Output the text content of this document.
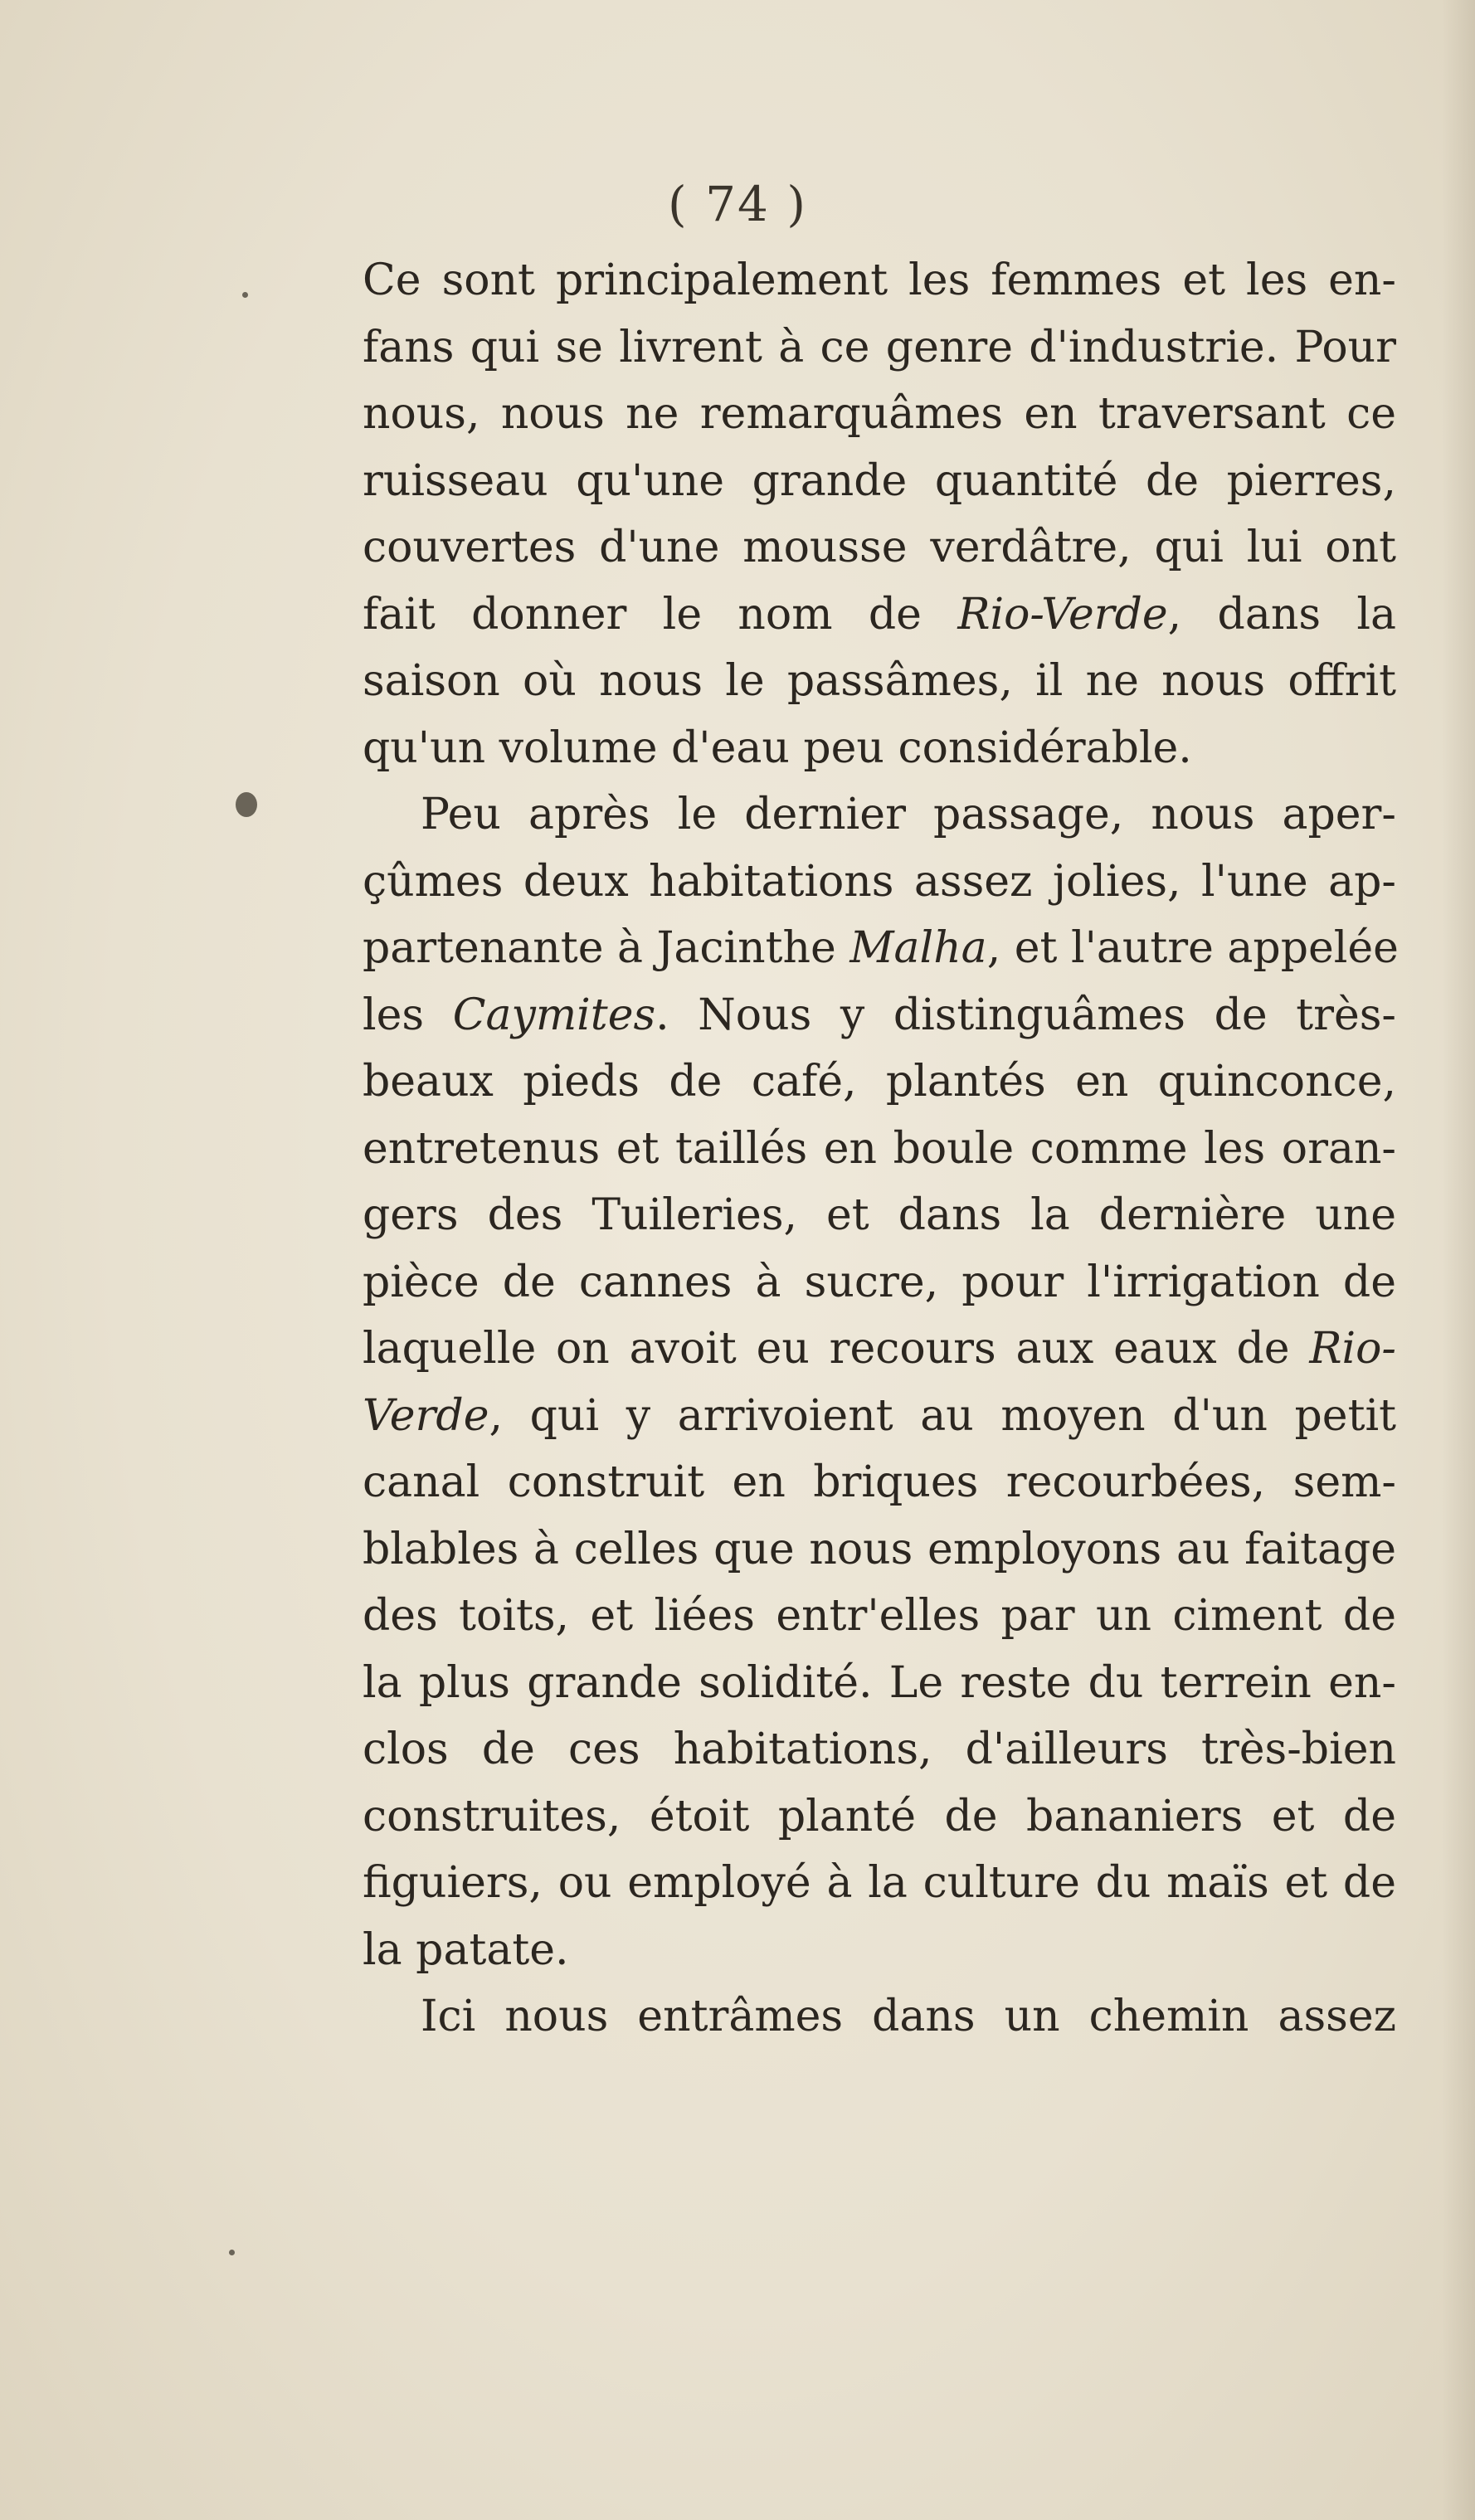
( 74 )
Ce sont principalement les femmes et les en-
fans qui se livrent à ce genre d'industrie. Pour
nous, nous ne remarquâmes en traversant ce
ruisseau qu'une grande quantité de pierres,
couvertes d'une mousse verdâtre, qui lui ont
fait donner le nom de Rio-Verde, dans la
saison où nous le passâmes, il ne nous offrit
qu'un volume d'eau peu considérable.
Peu après le dernier passage, nous aper-
çûmes deux habitations assez jolies, l'une ap-
partenante à Jacinthe Malha, et l'autre appelée
les Caymites. Nous y distinguâmes de très-
beaux pieds de café, plantés en quinconce,
entretenus et taillés en boule comme les oran-
gers des Tuileries, et dans la dernière une
pièce de cannes à sucre, pour l'irrigation de
laquelle on avoit eu recours aux eaux de Rio-
Verde, qui y arrivoient au moyen d'un petit
canal construit en briques recourbées, sem-
blables à celles que nous employons au faitage
des toits, et liées entr'elles par un ciment de
la plus grande solidité. Le reste du terrein en-
clos de ces habitations, d'ailleurs très-bien
construites, étoit planté de bananiers et de
figuiers, ou employé à la culture du maïs et de
la patate.
Ici nous entrâmes dans un chemin assez
